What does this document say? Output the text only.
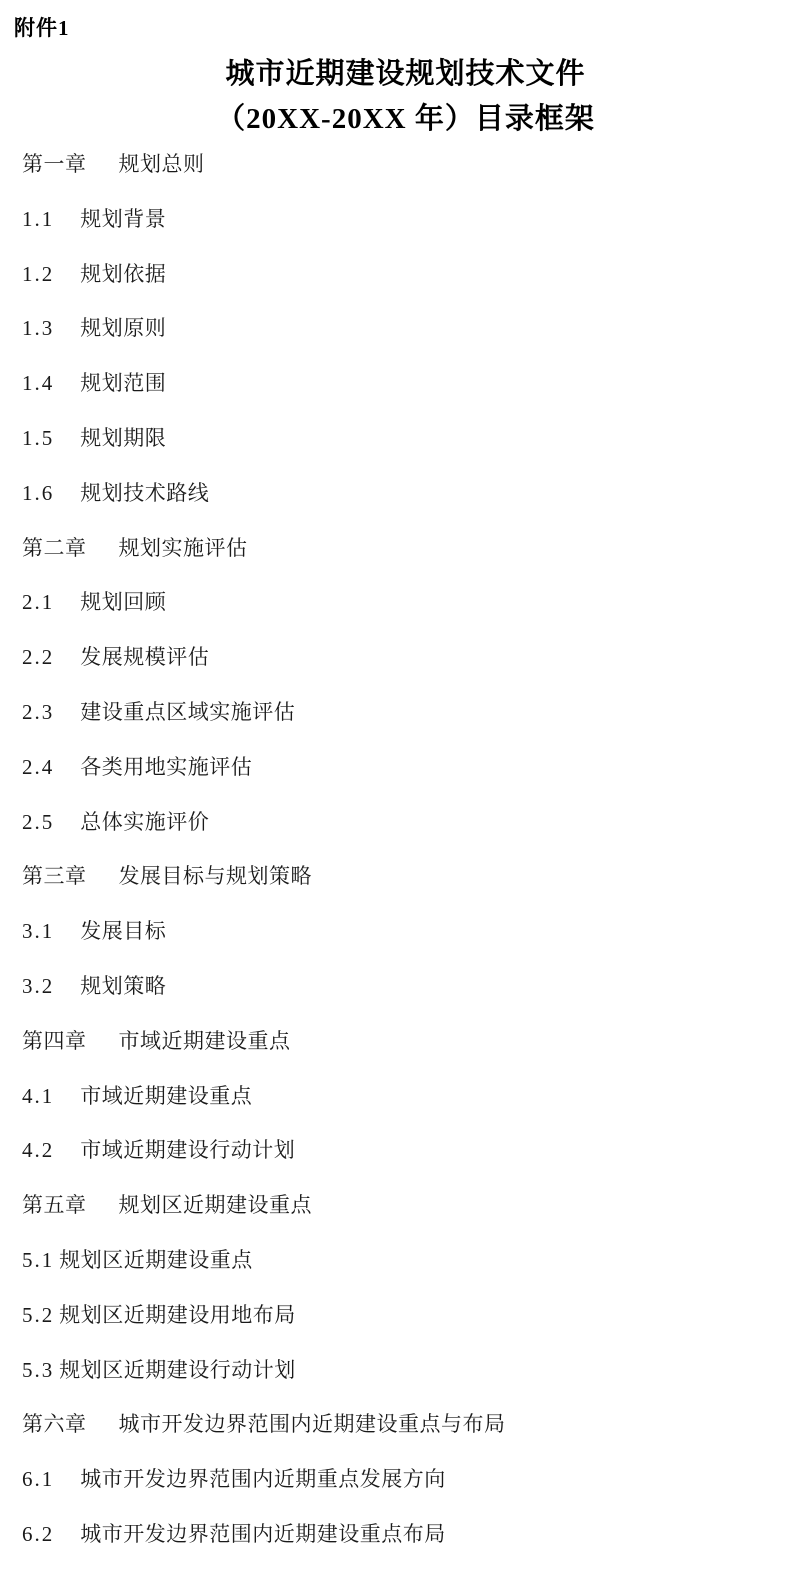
附件1
城市近期建设规划技术文件
（20XX-20XX 年）目录框架
第一章 规划总则
1.1 规划背景
1.2 规划依据
1.3 规划原则
1.4 规划范围
1.5 规划期限
1.6 规划技术路线
第二章 规划实施评估
2.1 规划回顾
2.2 发展规模评估
2.3 建设重点区域实施评估
2.4 各类用地实施评估
2.5 总体实施评价
第三章 发展目标与规划策略
3.1 发展目标
3.2 规划策略
第四章 市域近期建设重点
4.1 市域近期建设重点
4.2 市域近期建设行动计划
第五章 规划区近期建设重点
5.1 规划区近期建设重点
5.2 规划区近期建设用地布局
5.3 规划区近期建设行动计划
第六章 城市开发边界范围内近期建设重点与布局
6.1 城市开发边界范围内近期重点发展方向
6.2 城市开发边界范围内近期建设重点布局
